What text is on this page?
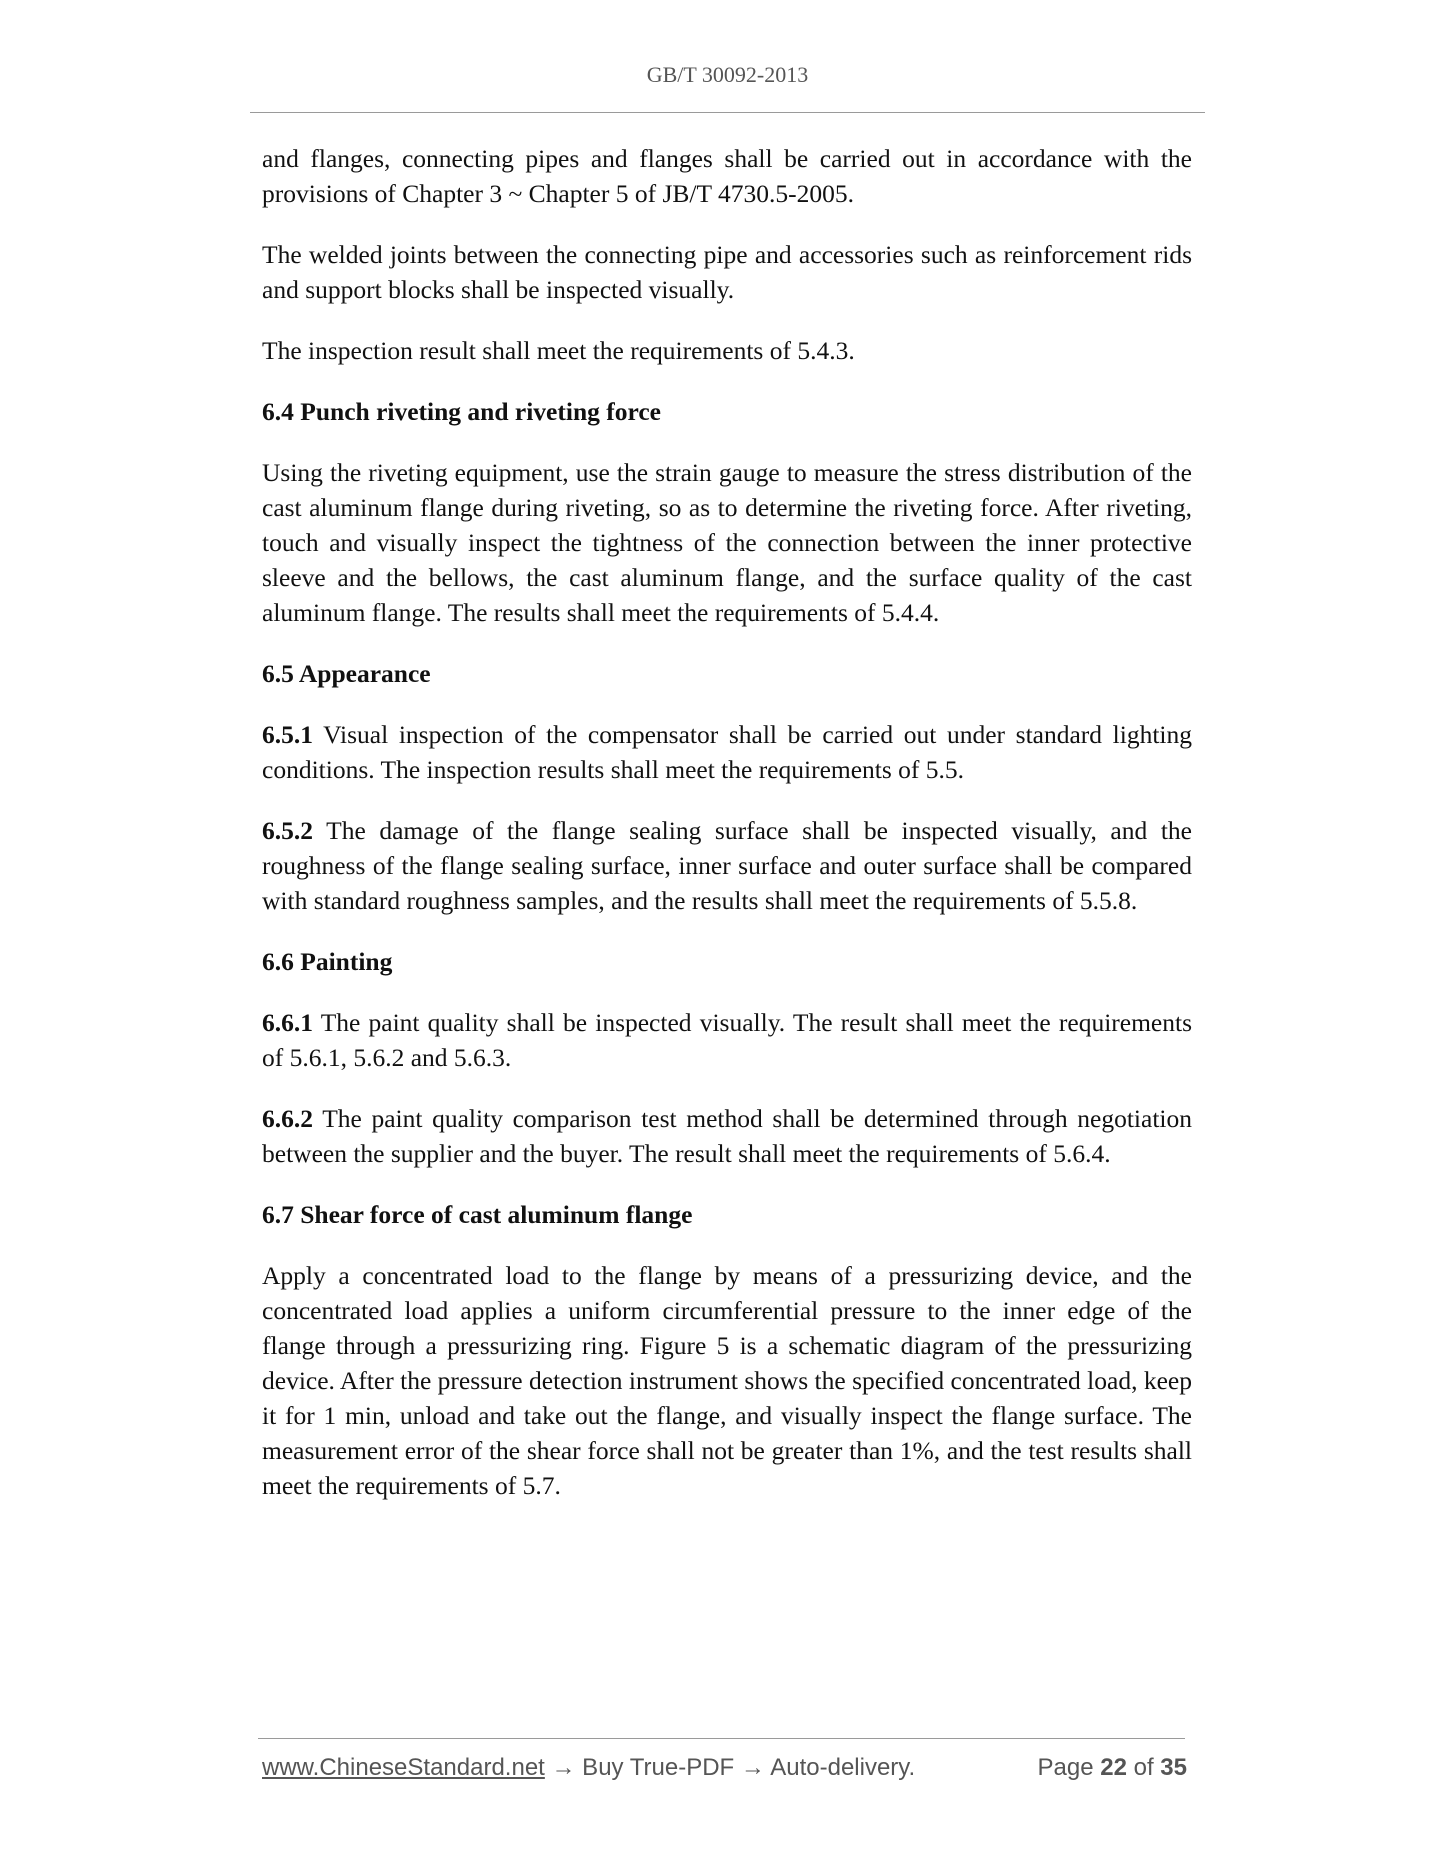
GB/T 30092-2013

and flanges, connecting pipes and flanges shall be carried out in accordance with the provisions of Chapter 3 ~ Chapter 5 of JB/T 4730.5-2005.

The welded joints between the connecting pipe and accessories such as reinforcement rids and support blocks shall be inspected visually.

The inspection result shall meet the requirements of 5.4.3.

6.4 Punch riveting and riveting force

Using the riveting equipment, use the strain gauge to measure the stress distribution of the cast aluminum flange during riveting, so as to determine the riveting force. After riveting, touch and visually inspect the tightness of the connection between the inner protective sleeve and the bellows, the cast aluminum flange, and the surface quality of the cast aluminum flange. The results shall meet the requirements of 5.4.4.

6.5 Appearance

6.5.1 Visual inspection of the compensator shall be carried out under standard lighting conditions. The inspection results shall meet the requirements of 5.5.

6.5.2 The damage of the flange sealing surface shall be inspected visually, and the roughness of the flange sealing surface, inner surface and outer surface shall be compared with standard roughness samples, and the results shall meet the requirements of 5.5.8.

6.6 Painting

6.6.1 The paint quality shall be inspected visually. The result shall meet the requirements of 5.6.1, 5.6.2 and 5.6.3.

6.6.2 The paint quality comparison test method shall be determined through negotiation between the supplier and the buyer. The result shall meet the requirements of 5.6.4.

6.7 Shear force of cast aluminum flange

Apply a concentrated load to the flange by means of a pressurizing device, and the concentrated load applies a uniform circumferential pressure to the inner edge of the flange through a pressurizing ring. Figure 5 is a schematic diagram of the pressurizing device. After the pressure detection instrument shows the specified concentrated load, keep it for 1 min, unload and take out the flange, and visually inspect the flange surface. The measurement error of the shear force shall not be greater than 1%, and the test results shall meet the requirements of 5.7.

www.ChineseStandard.net → Buy True-PDF → Auto-delivery.	Page 22 of 35
